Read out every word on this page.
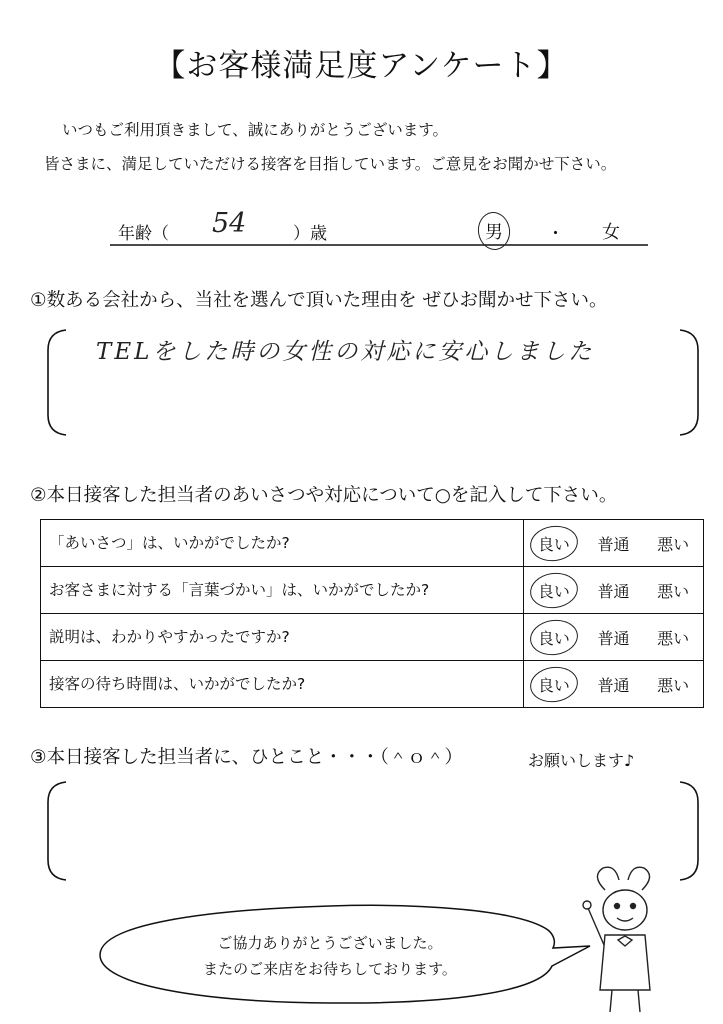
【お客様満足度アンケート】
いつもご利用頂きまして、誠にありがとうございます。
皆さまに、満足していただける接客を目指しています。ご意見をお聞かせ下さい。
年齢（ 54	）歳	男	・ 女
①数ある会社から、当社を選んで頂いた理由を ぜひお聞かせ下さい。
TELをした時の女性の対応に安心しました
②本日接客した担当者のあいさつや対応について○を記入して下さい。
「あいさつ」は、いかがでしたか?	良い 普通 悪い
お客さまに対する「言葉づかい」は、いかがでしたか?	良い 普通 悪い
説明は、わかりやすかったですか?	良い 普通 悪い
接客の待ち時間は、いかがでしたか?	良い 普通 悪い
③本日接客した担当者に、ひとこと・・・（＾ｏ＾）	お願いします♪
ご協力ありがとうございました。
またのご来店をお待ちしております。
